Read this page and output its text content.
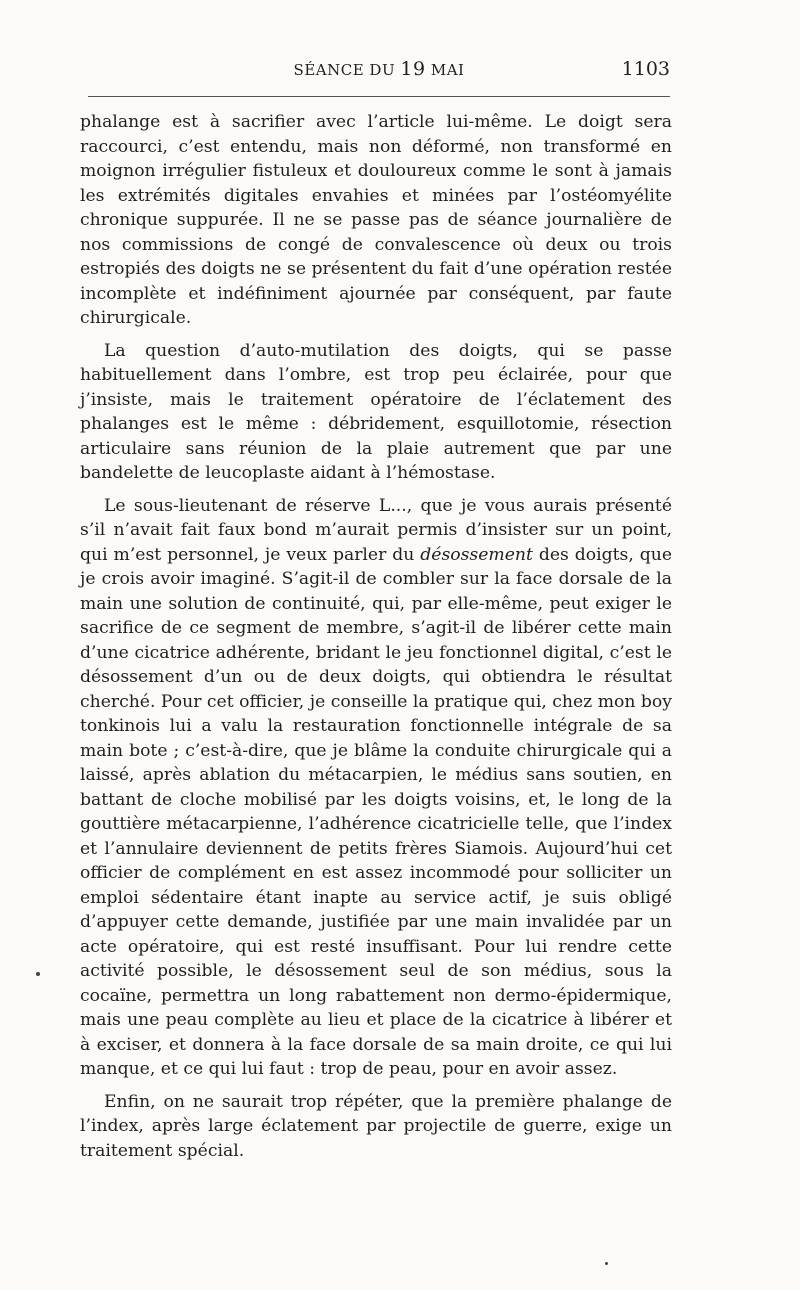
SÉANCE DU 19 MAI	1103

phalange est à sacrifier avec l’article lui-même. Le doigt sera raccourci, c’est entendu, mais non déformé, non transformé en moignon irrégulier fistuleux et douloureux comme le sont à jamais les extrémités digitales envahies et minées par l’ostéomyélite chronique suppurée. Il ne se passe pas de séance journalière de nos commissions de congé de convalescence où deux ou trois estropiés des doigts ne se présentent du fait d’une opération restée incomplète et indéfiniment ajournée par conséquent, par faute chirurgicale.

La question d’auto-mutilation des doigts, qui se passe habituellement dans l’ombre, est trop peu éclairée, pour que j’insiste, mais le traitement opératoire de l’éclatement des phalanges est le même : débridement, esquillotomie, résection articulaire sans réunion de la plaie autrement que par une bandelette de leucoplaste aidant à l’hémostase.

Le sous-lieutenant de réserve L..., que je vous aurais présenté s’il n’avait fait faux bond m’aurait permis d’insister sur un point, qui m’est personnel, je veux parler du désossement des doigts, que je crois avoir imaginé. S’agit-il de combler sur la face dorsale de la main une solution de continuité, qui, par elle-même, peut exiger le sacrifice de ce segment de membre, s’agit-il de libérer cette main d’une cicatrice adhérente, bridant le jeu fonctionnel digital, c’est le désossement d’un ou de deux doigts, qui obtiendra le résultat cherché. Pour cet officier, je conseille la pratique qui, chez mon boy tonkinois lui a valu la restauration fonctionnelle intégrale de sa main bote ; c’est-à-dire, que je blâme la conduite chirurgicale qui a laissé, après ablation du métacarpien, le médius sans soutien, en battant de cloche mobilisé par les doigts voisins, et, le long de la gouttière métacarpienne, l’adhérence cicatricielle telle, que l’index et l’annulaire deviennent de petits frères Siamois. Aujourd’hui cet officier de complément en est assez incommodé pour solliciter un emploi sédentaire étant inapte au service actif, je suis obligé d’appuyer cette demande, justifiée par une main invalidée par un acte opératoire, qui est resté insuffisant. Pour lui rendre cette activité possible, le désossement seul de son médius, sous la cocaïne, permettra un long rabattement non dermo-épidermique, mais une peau complète au lieu et place de la cicatrice à libérer et à exciser, et donnera à la face dorsale de sa main droite, ce qui lui manque, et ce qui lui faut : trop de peau, pour en avoir assez.

Enfin, on ne saurait trop répéter, que la première phalange de l’index, après large éclatement par projectile de guerre, exige un traitement spécial.
